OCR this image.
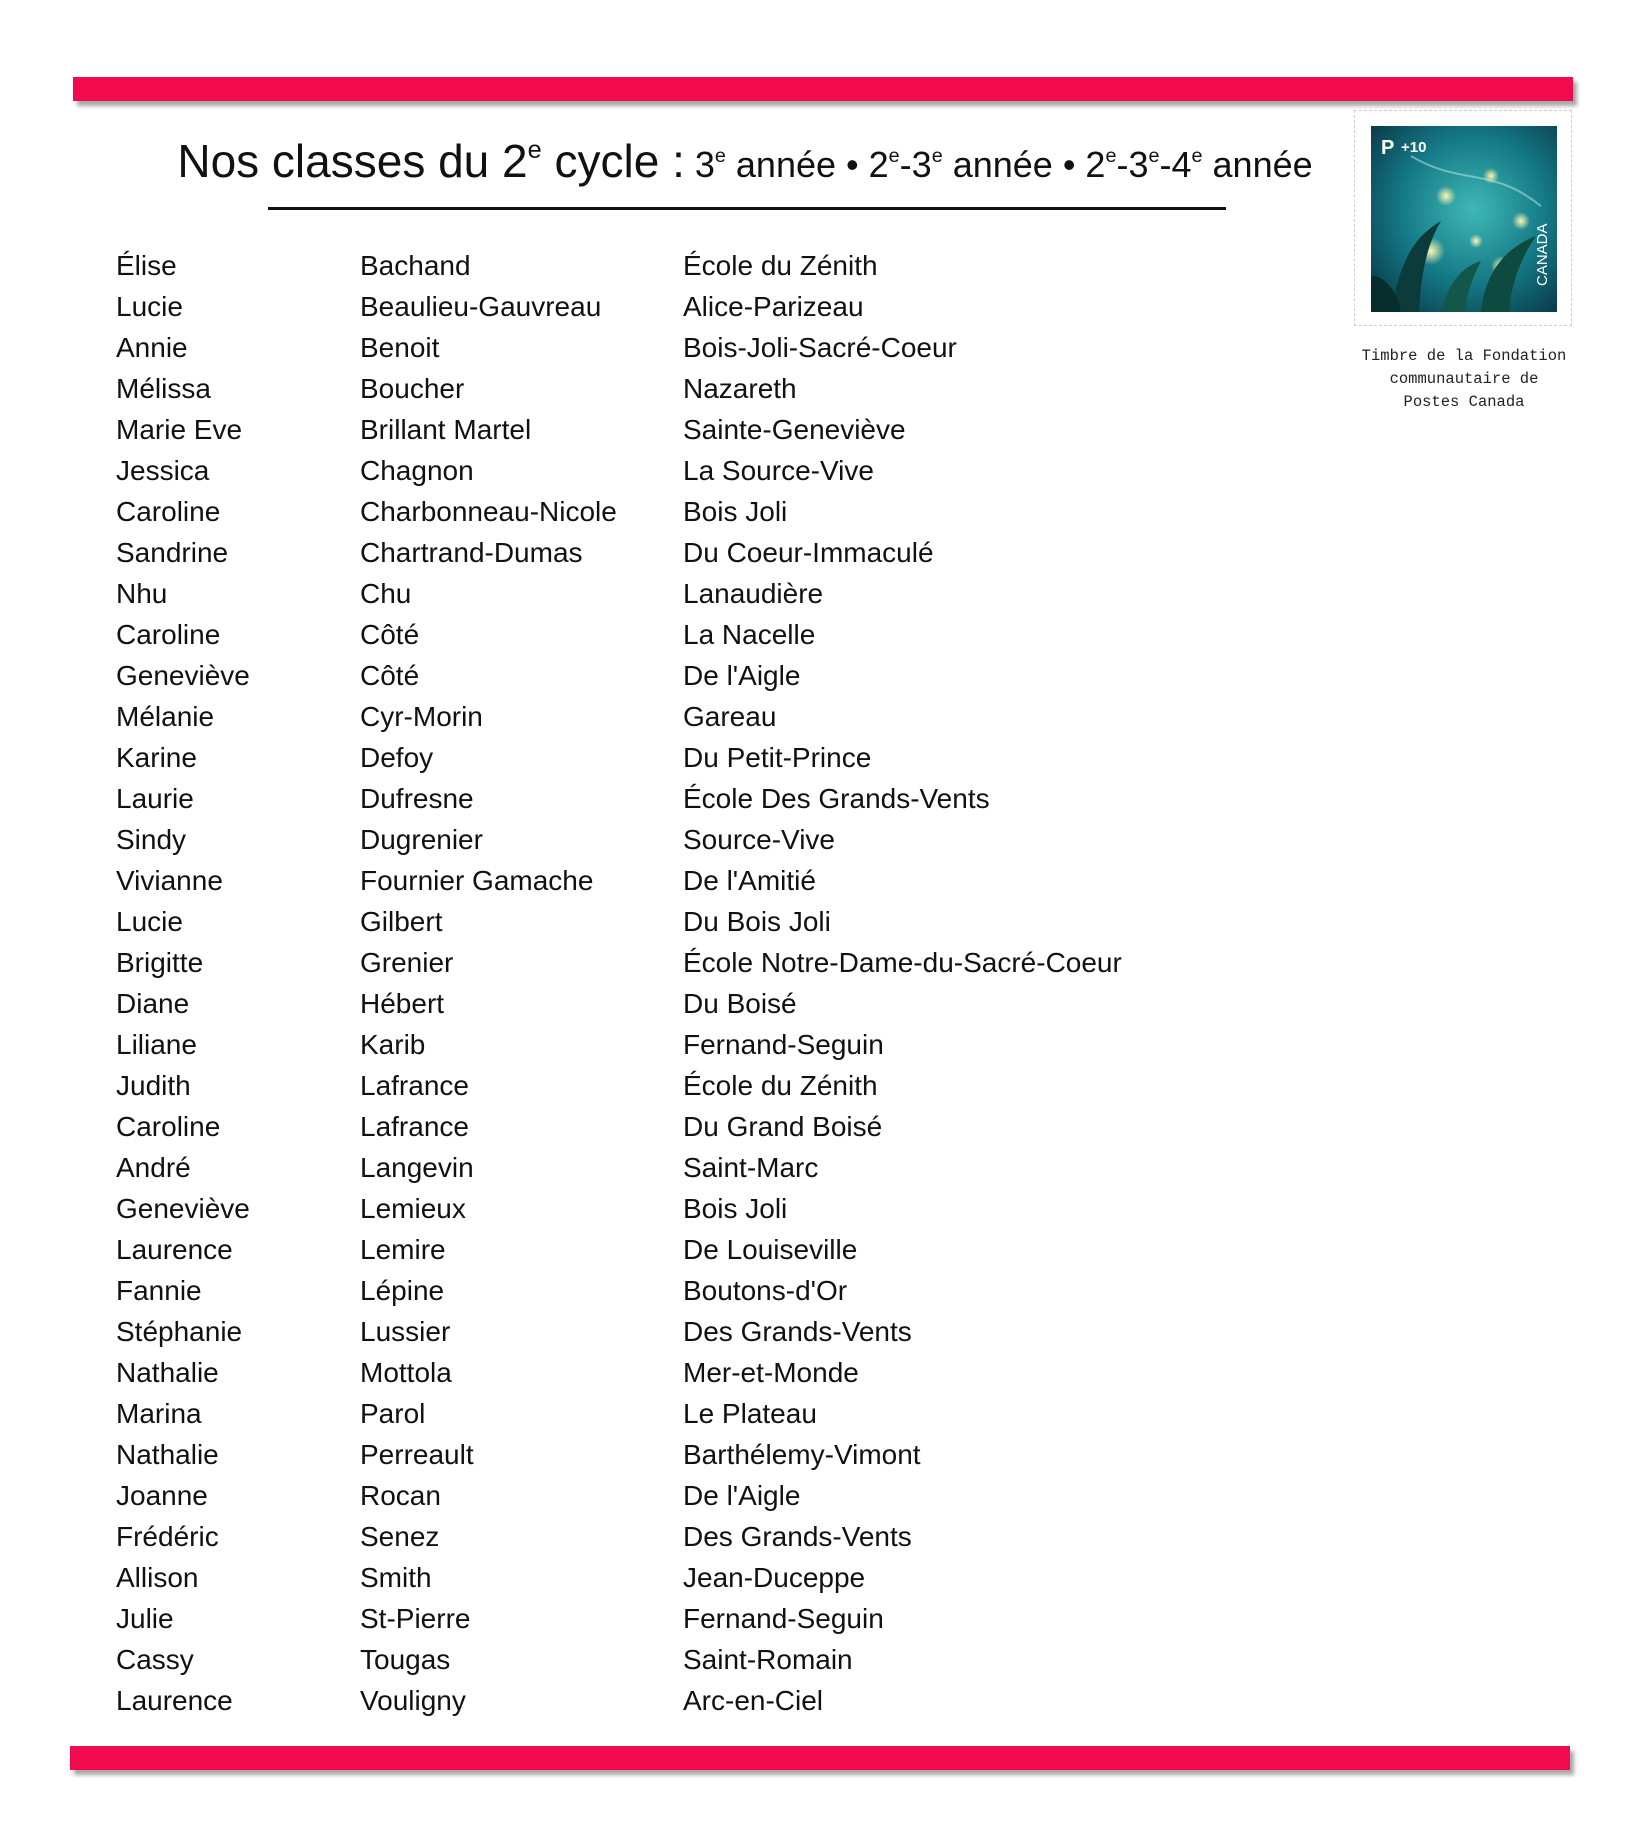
Nos classes du 2e cycle : 3e année • 2e-3e année • 2e-3e-4e année
Élise
Lucie
Annie
Mélissa
Marie Eve
Jessica
Caroline
Sandrine
Nhu
Caroline
Geneviève
Mélanie
Karine
Laurie
Sindy
Vivianne
Lucie
Brigitte
Diane
Liliane
Judith
Caroline
André
Geneviève
Laurence
Fannie
Stéphanie
Nathalie
Marina
Nathalie
Joanne
Frédéric
Allison
Julie
Cassy
Laurence
Bachand
Beaulieu-Gauvreau
Benoit
Boucher
Brillant Martel
Chagnon
Charbonneau-Nicole
Chartrand-Dumas
Chu
Côté
Côté
Cyr-Morin
Defoy
Dufresne
Dugrenier
Fournier Gamache
Gilbert
Grenier
Hébert
Karib
Lafrance
Lafrance
Langevin
Lemieux
Lemire
Lépine
Lussier
Mottola
Parol
Perreault
Rocan
Senez
Smith
St-Pierre
Tougas
Vouligny
École du Zénith
Alice-Parizeau
Bois-Joli-Sacré-Coeur
Nazareth
Sainte-Geneviève
La Source-Vive
Bois Joli
Du Coeur-Immaculé
Lanaudière
La Nacelle
De l'Aigle
Gareau
Du Petit-Prince
École Des Grands-Vents
Source-Vive
De l'Amitié
Du Bois Joli
École Notre-Dame-du-Sacré-Coeur
Du Boisé
Fernand-Seguin
École du Zénith
Du Grand Boisé
Saint-Marc
Bois Joli
De Louiseville
Boutons-d'Or
Des Grands-Vents
Mer-et-Monde
Le Plateau
Barthélemy-Vimont
De l'Aigle
Des Grands-Vents
Jean-Duceppe
Fernand-Seguin
Saint-Romain
Arc-en-Ciel
P +10
CANADA
Timbre de la Fondation
communautaire de
Postes Canada
